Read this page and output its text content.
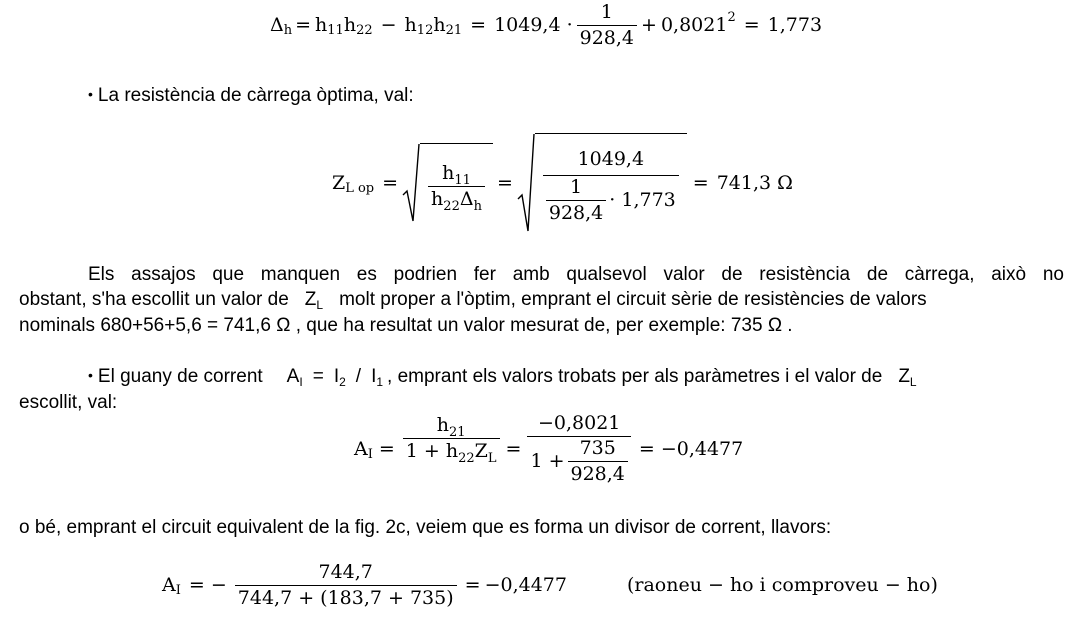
Δ h = h 11 h 22 − h 12 h $21 = 1049,4 \cdot \frac{1}{928,4} + 0,8021$ 2 = 1,773
• La resistència de càrrega òptima, val:
Z L op = $\frac{h_{11}}{h_{22}\Delta_h} = \frac{1049,4}{\frac{1}{928,4} \cdot 1,773} = 741,3$ Ω
Els assajos que manquen es podrien fer amb qualsevol valor de resistència de càrrega, això no
obstant, s'ha escollit un valor de $Z_L$ molt proper a l'òptim, emprant el circuit sèrie de resistències de valors
nominals 680+56+5,6 = 741,6 Ω , que ha resultat un valor mesurat de, per exemple: 735 Ω .
• El guany de corrent $A_I = I_2 / I_1$ , emprant els valors trobats per als paràmetres i el valor de $Z_L$
escollit, val:
A $I = \frac{h_{21}}{1 + h_{22}Z_L} = \frac{-0,8021}{1 + \frac{735}{928,4}} = -0,4477$
o bé, emprant el circuit equivalent de la fig. 2c, veiem que es forma un divisor de corrent, llavors:
A I = − $\frac{744,7}{744,7 + (183,7 + 735)} = -0,4477$	(raoneu − ho i comproveu − ho)
